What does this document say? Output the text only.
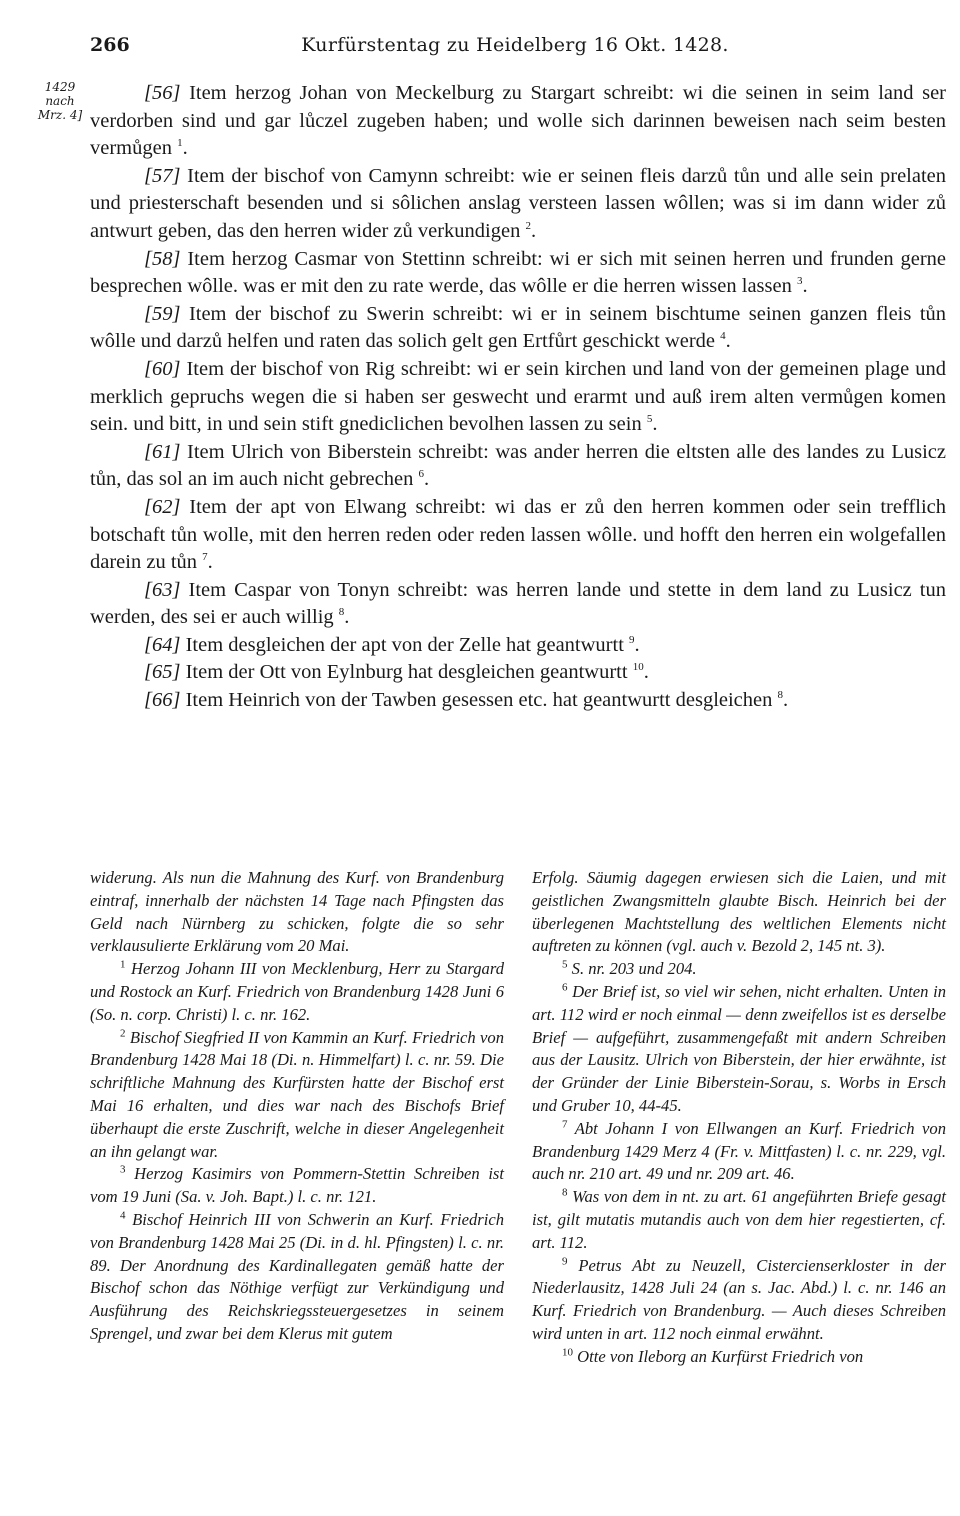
266	Kurfürstentag zu Heidelberg 16 Okt. 1428.
1429
nach
Mrz. 4]

[56] Item herzog Johan von Meckelburg zu Stargart schreibt: wi die seinen in seim land ser verdorben sind und gar lůczel zugeben haben; und wolle sich darinnen beweisen nach seim besten vermůgen $^1$.

[57] Item der bischof von Camynn schreibt: wie er seinen fleis darzů tůn und alle sein prelaten und priesterschaft besenden und si sôlichen anslag versteen lassen wôllen; was si im dann wider zů antwurt geben, das den herren wider zů verkundigen $^2$.

[58] Item herzog Casmar von Stettinn schreibt: wi er sich mit seinen herren und frunden gerne besprechen wôlle. was er mit den zu rate werde, das wôlle er die herren wissen lassen $^3$.

[59] Item der bischof zu Swerin schreibt: wi er in seinem bischtume seinen ganzen fleis tůn wôlle und darzů helfen und raten das solich gelt gen Ertfůrt geschickt werde $^4$.

[60] Item der bischof von Rig schreibt: wi er sein kirchen und land von der gemeinen plage und merklich gepruchs wegen die si haben ser geswecht und erarmt und auß irem alten vermůgen komen sein. und bitt, in und sein stift gnediclichen bevolhen lassen zu sein $^5$.

[61] Item Ulrich von Biberstein schreibt: was ander herren die eltsten alle des landes zu Lusicz tůn, das sol an im auch nicht gebrechen $^6$.

[62] Item der apt von Elwang schreibt: wi das er zů den herren kommen oder sein trefflich botschaft tůn wolle, mit den herren reden oder reden lassen wôlle. und hofft den herren ein wolgefallen darein zu tůn $^7$.

[63] Item Caspar von Tonyn schreibt: was herren lande und stette in dem land zu Lusicz tun werden, des sei er auch willig $^8$.

[64] Item desgleichen der apt von der Zelle hat geantwurtt $^9$.

[65] Item der Ott von Eylnburg hat desgleichen geantwurtt $^{10}$.

[66] Item Heinrich von der Tawben gesessen etc. hat geantwurtt desgleichen $^8$.

widerung. Als nun die Mahnung des Kurf. von Brandenburg eintraf, innerhalb der nächsten 14 Tage nach Pfingsten das Geld nach Nürnberg zu schicken, folgte die so sehr verklausulierte Erklärung vom 20 Mai.

$^1$ Herzog Johann III von Mecklenburg, Herr zu Stargard und Rostock an Kurf. Friedrich von Brandenburg 1428 Juni 6 (So. n. corp. Christi) l. c. nr. 162.

$^2$ Bischof Siegfried II von Kammin an Kurf. Friedrich von Brandenburg 1428 Mai 18 (Di. n. Himmelfart) l. c. nr. 59. Die schriftliche Mahnung des Kurfürsten hatte der Bischof erst Mai 16 erhalten, und dies war nach des Bischofs Brief überhaupt die erste Zuschrift, welche in dieser Angelegenheit an ihn gelangt war.

$^3$ Herzog Kasimirs von Pommern-Stettin Schreiben ist vom 19 Juni (Sa. v. Joh. Bapt.) l. c. nr. 121.

$^4$ Bischof Heinrich III von Schwerin an Kurf. Friedrich von Brandenburg 1428 Mai 25 (Di. in d. hl. Pfingsten) l. c. nr. 89. Der Anordnung des Kardinallegaten gemäß hatte der Bischof schon das Nöthige verfügt zur Verkündigung und Ausführung des Reichskriegssteuergesetzes in seinem Sprengel, und zwar bei dem Klerus mit gutem

Erfolg. Säumig dagegen erwiesen sich die Laien, und mit geistlichen Zwangsmitteln glaubte Bisch. Heinrich bei der überlegenen Machtstellung des weltlichen Elements nicht auftreten zu können (vgl. auch v. Bezold 2, 145 nt. 3).

$^5$ S. nr. 203 und 204.

$^6$ Der Brief ist, so viel wir sehen, nicht erhalten. Unten in art. 112 wird er noch einmal — denn zweifellos ist es derselbe Brief — aufgeführt, zusammengefaßt mit andern Schreiben aus der Lausitz. Ulrich von Biberstein, der hier erwähnte, ist der Gründer der Linie Biberstein-Sorau, s. Worbs in Ersch und Gruber 10, 44-45.

$^7$ Abt Johann I von Ellwangen an Kurf. Friedrich von Brandenburg 1429 Merz 4 (Fr. v. Mittfasten) l. c. nr. 229, vgl. auch nr. 210 art. 49 und nr. 209 art. 46.

$^8$ Was von dem in nt. zu art. 61 angeführten Briefe gesagt ist, gilt mutatis mutandis auch von dem hier regestierten, cf. art. 112.

$^9$ Petrus Abt zu Neuzell, Cistercienserkloster in der Niederlausitz, 1428 Juli 24 (an s. Jac. Abd.) l. c. nr. 146 an Kurf. Friedrich von Brandenburg. — Auch dieses Schreiben wird unten in art. 112 noch einmal erwähnt.

$^{10}$ Otte von Ileborg an Kurfürst Friedrich von
